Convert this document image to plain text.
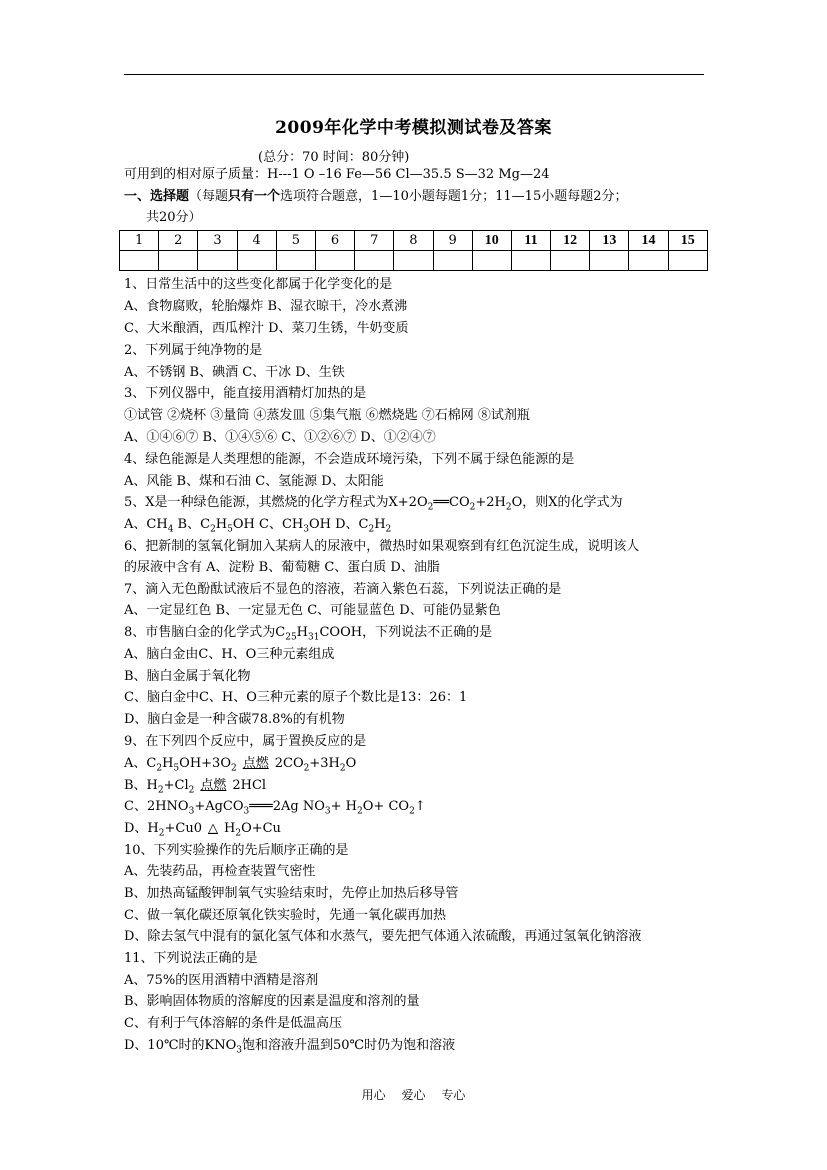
2009年化学中考模拟测试卷及答案
(总分：70 时间：80分钟)
可用到的相对原子质量：H---1 O –16 Fe—56 Cl—35.5 S—32 Mg—24
一、选择题（每题只有一个选项符合题意，1—10小题每题1分；11—15小题每题2分；
共20分）
1	2	3	4	5	6	7	8	9	10	11	12	13	14	15

1、日常生活中的这些变化都属于化学变化的是
A、食物腐败，轮胎爆炸 B、湿衣晾干，冷水煮沸
C、大米酿酒，西瓜榨汁 D、菜刀生锈，牛奶变质
2、下列属于纯净物的是
A、不锈钢 B、碘酒 C、干冰 D、生铁
3、下列仪器中，能直接用酒精灯加热的是
①试管 ②烧杯 ③量筒 ④蒸发皿 ⑤集气瓶 ⑥燃烧匙 ⑦石棉网 ⑧试剂瓶
A、①④⑥⑦ B、①④⑤⑥ C、①②⑥⑦ D、①②④⑦
4、绿色能源是人类理想的能源，不会造成环境污染，下列不属于绿色能源的是
A、风能 B、煤和石油 C、氢能源 D、太阳能
5、X是一种绿色能源，其燃烧的化学方程式为$X+2O_2══CO_2+2H_2O$，则X的化学式为
A、$CH_4$ B、$C_2H_5OH$ C、$CH_3OH$ D、$C_2H_2$
6、把新制的氢氧化铜加入某病人的尿液中，微热时如果观察到有红色沉淀生成，说明该人
的尿液中含有 A、淀粉 B、葡萄糖 C、蛋白质 D、油脂
7、滴入无色酚酞试液后不显色的溶液，若滴入紫色石蕊，下列说法正确的是
A、一定显红色 B、一定显无色 C、可能显蓝色 D、可能仍显紫色
8、市售脑白金的化学式为$C_{25}H_{31}COOH$，下列说法不正确的是
A、脑白金由C、H、O三种元素组成
B、脑白金属于氧化物
C、脑白金中C、H、O三种元素的原子个数比是13：26：1
D、脑白金是一种含碳78.8%的有机物
9、在下列四个反应中，属于置换反应的是
A、$C_2H_5OH+3O_2$ 点燃 $2CO_2+3H_2O$
B、$H_2+Cl_2$ 点燃 2HCl
C、$2HNO_3+AgCO_3═══2Ag$ $NO_3+ H_2O+$ $CO_2↑$
D、$H_2+Cu0$ △ $H_2O+Cu$
10、下列实验操作的先后顺序正确的是
A、先装药品，再检查装置气密性
B、加热高锰酸钾制氧气实验结束时，先停止加热后移导管
C、做一氧化碳还原氧化铁实验时，先通一氧化碳再加热
D、除去氢气中混有的氯化氢气体和水蒸气，要先把气体通入浓硫酸，再通过氢氧化钠溶液
11、下列说法正确的是
A、75%的医用酒精中酒精是溶剂
B、影响固体物质的溶解度的因素是温度和溶剂的量
C、有利于气体溶解的条件是低温高压
D、10℃时的$KNO_3$饱和溶液升温到50℃时仍为饱和溶液
用心 爱心 专心
